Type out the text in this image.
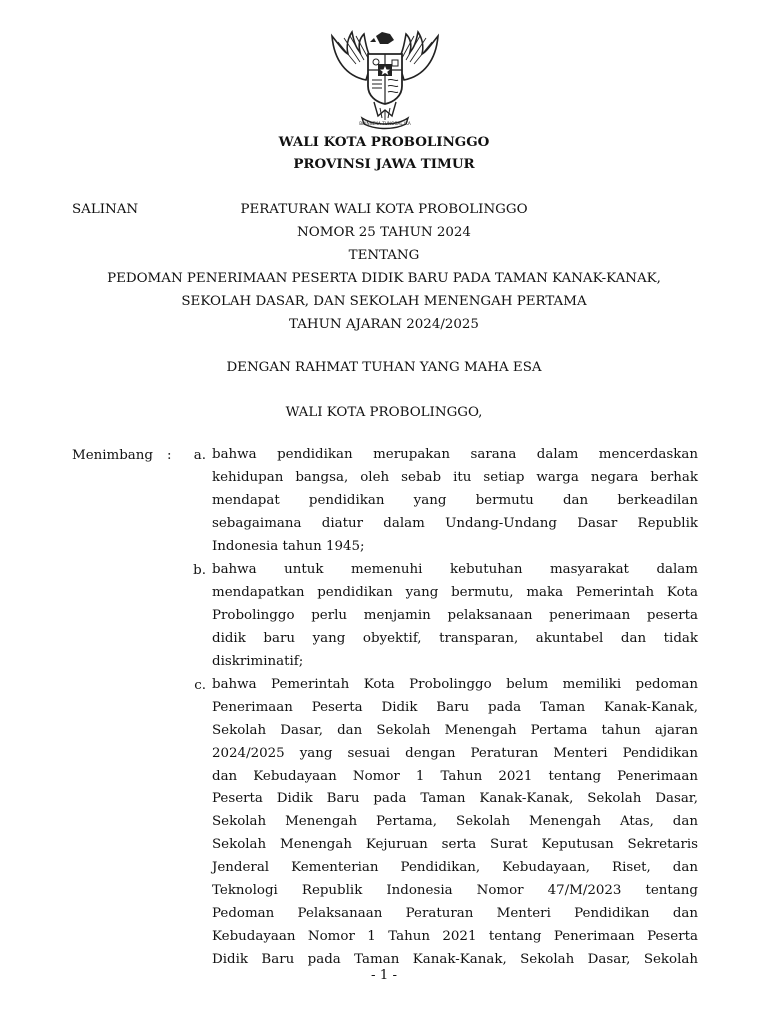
BHINNEKA TUNGGAL IKA
WALI KOTA PROBOLINGGO
PROVINSI JAWA TIMUR
SALINAN	PERATURAN WALI KOTA PROBOLINGGO
NOMOR 25 TAHUN 2024
TENTANG
PEDOMAN PENERIMAAN PESERTA DIDIK BARU PADA TAMAN KANAK-KANAK,
SEKOLAH DASAR, DAN SEKOLAH MENENGAH PERTAMA
TAHUN AJARAN 2024/2025
DENGAN RAHMAT TUHAN YANG MAHA ESA
WALI KOTA PROBOLINGGO,
Menimbang :	a. bahwa pendidikan merupakan sarana dalam mencerdaskan
kehidupan bangsa, oleh sebab itu setiap warga negara berhak
mendapat pendidikan yang bermutu dan berkeadilan
sebagaimana diatur dalam Undang-Undang Dasar Republik
Indonesia tahun 1945;
b. bahwa untuk memenuhi kebutuhan masyarakat dalam
mendapatkan pendidikan yang bermutu, maka Pemerintah Kota
Probolinggo perlu menjamin pelaksanaan penerimaan peserta
didik baru yang obyektif, transparan, akuntabel dan tidak
diskriminatif;
c. bahwa Pemerintah Kota Probolinggo belum memiliki pedoman
Penerimaan Peserta Didik Baru pada Taman Kanak-Kanak,
Sekolah Dasar, dan Sekolah Menengah Pertama tahun ajaran
2024/2025 yang sesuai dengan Peraturan Menteri Pendidikan
dan Kebudayaan Nomor 1 Tahun 2021 tentang Penerimaan
Peserta Didik Baru pada Taman Kanak-Kanak, Sekolah Dasar,
Sekolah Menengah Pertama, Sekolah Menengah Atas, dan
Sekolah Menengah Kejuruan serta Surat Keputusan Sekretaris
Jenderal Kementerian Pendidikan, Kebudayaan, Riset, dan
Teknologi Republik Indonesia Nomor 47/M/2023 tentang
Pedoman Pelaksanaan Peraturan Menteri Pendidikan dan
Kebudayaan Nomor 1 Tahun 2021 tentang Penerimaan Peserta
Didik Baru pada Taman Kanak-Kanak, Sekolah Dasar, Sekolah
- 1 -
